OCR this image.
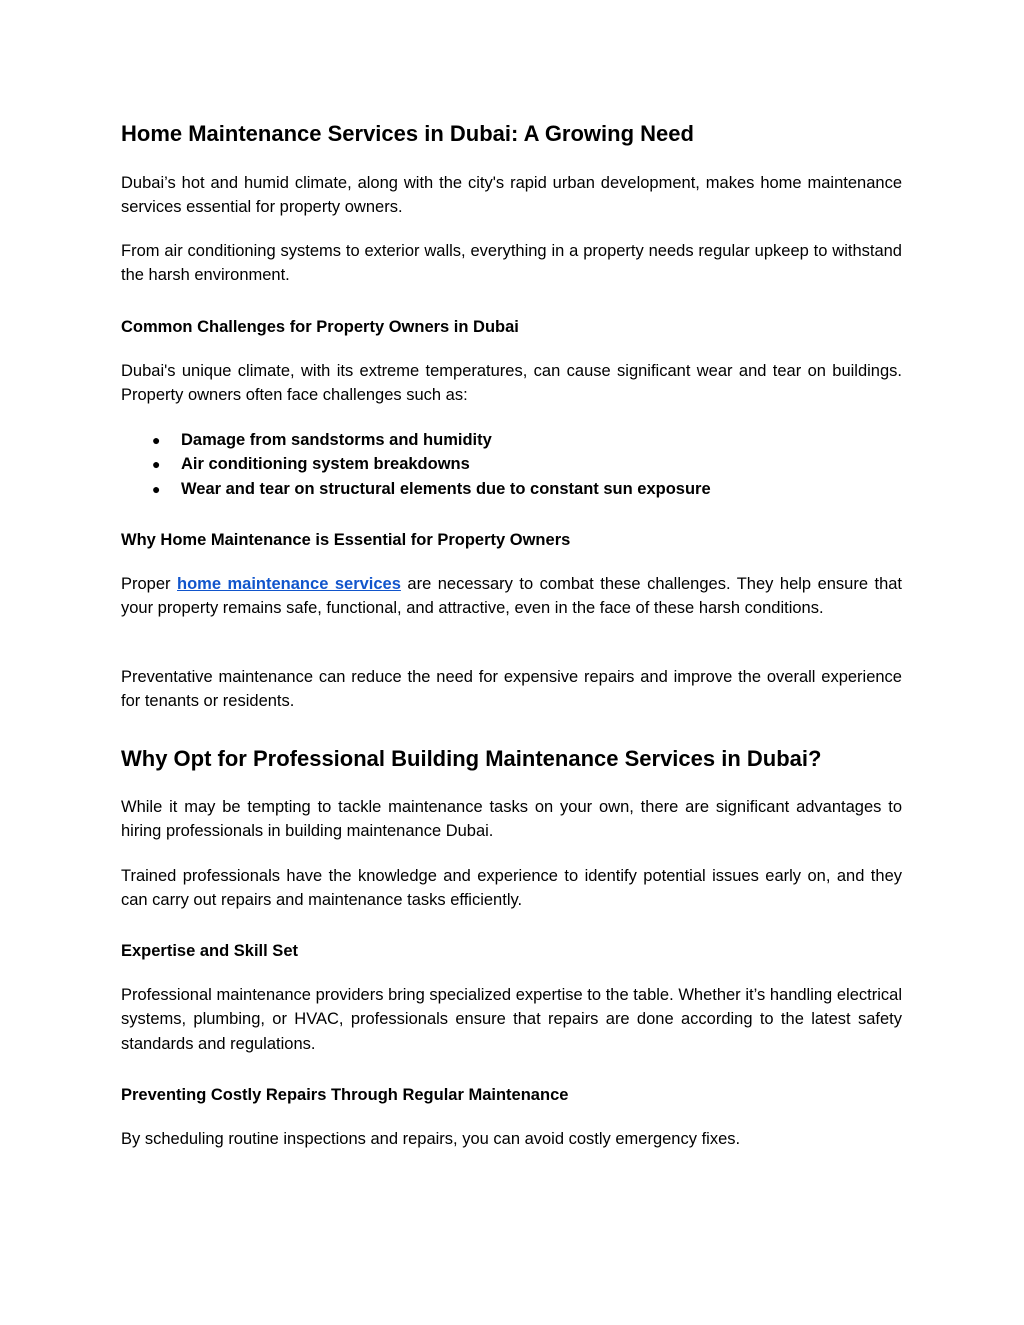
Home Maintenance Services in Dubai: A Growing Need

Dubai’s hot and humid climate, along with the city's rapid urban development, makes home maintenance services essential for property owners.

From air conditioning systems to exterior walls, everything in a property needs regular upkeep to withstand the harsh environment.

Common Challenges for Property Owners in Dubai

Dubai's unique climate, with its extreme temperatures, can cause significant wear and tear on buildings. Property owners often face challenges such as:

● Damage from sandstorms and humidity
● Air conditioning system breakdowns
● Wear and tear on structural elements due to constant sun exposure
Why Home Maintenance is Essential for Property Owners

Proper home maintenance services are necessary to combat these challenges. They help ensure that your property remains safe, functional, and attractive, even in the face of these harsh conditions.

Preventative maintenance can reduce the need for expensive repairs and improve the overall experience for tenants or residents.

Why Opt for Professional Building Maintenance Services in Dubai?

While it may be tempting to tackle maintenance tasks on your own, there are significant advantages to hiring professionals in building maintenance Dubai.

Trained professionals have the knowledge and experience to identify potential issues early on, and they can carry out repairs and maintenance tasks efficiently.

Expertise and Skill Set

Professional maintenance providers bring specialized expertise to the table. Whether it’s handling electrical systems, plumbing, or HVAC, professionals ensure that repairs are done according to the latest safety standards and regulations.

Preventing Costly Repairs Through Regular Maintenance

By scheduling routine inspections and repairs, you can avoid costly emergency fixes.
